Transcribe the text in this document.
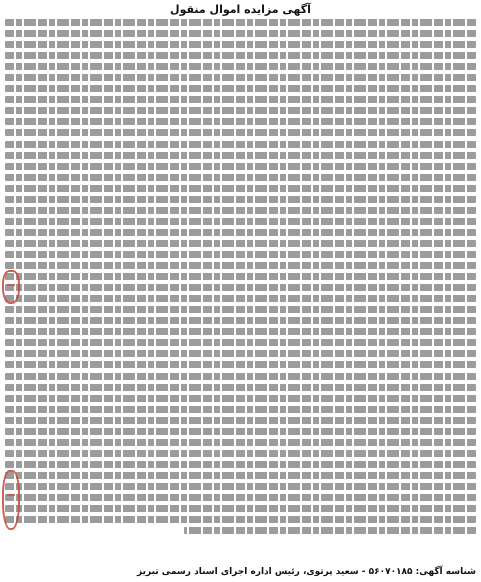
آگهی مزایده اموال منقول
شناسه آگهی: ۵۶۰۷۰۱۸۵ - سعید پرتوی، رئیس اداره اجرای اسناد رسمی تبریز
